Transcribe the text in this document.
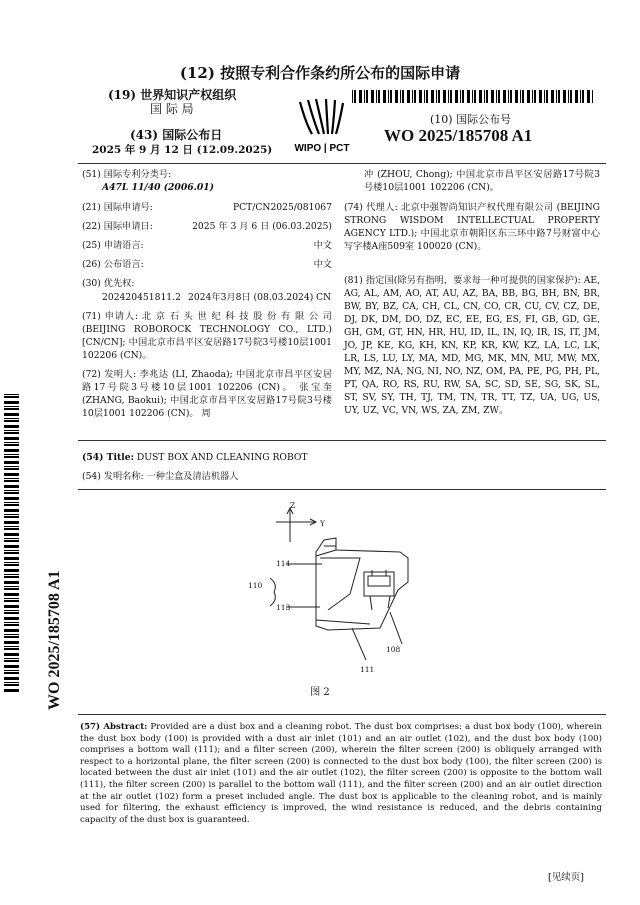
(12) 按照专利合作条约所公布的国际申请
(19) 世界知识产权组织
国 际 局
(43) 国际公布日
2025 年 9 月 12 日 (12.09.2025)
(10) 国际公布号
WO 2025/185708 A1
WIPO | PCT
(51) 国际专利分类号:
A47L 11/40 (2006.01)
(21) 国际申请号:	PCT/CN2025/081067
(22) 国际申请日:	2025 年 3 月 6 日 (06.03.2025)
(25) 申请语言:	中文
(26) 公布语言:	中文
(30) 优先权:
202420451811.2 2024年3月8日 (08.03.2024) CN
(71) 申请人: 北 京 石 头 世 纪 科 技 股 份 有 限 公 司 (BEIJING ROBOROCK TECHNOLOGY CO., LTD.) [CN/CN]; 中国北京市昌平区安居路17号院3号楼10层1001 102206 (CN)。
(72) 发明人: 李兆达 (LI, Zhaoda); 中国北京市昌平区安居路17号院3号楼10层1001 102206 (CN)。 张宝奎 (ZHANG, Baokui); 中国北京市昌平区安居路17号院3号楼10层1001 102206 (CN)。 周
冲 (ZHOU, Chong); 中国北京市昌平区安居路17号院3号楼10层1001 102206 (CN)。
(74) 代理人: 北京中强智尚知识产权代理有限公司 (BEIJING STRONG WISDOM INTELLECTUAL PROPERTY AGENCY LTD.); 中国北京市朝阳区东三环中路7号财富中心写字楼A座509室 100020 (CN)。
(81) 指定国(除另有指明，要求每一种可提供的国家保护): AE, AG, AL, AM, AO, AT, AU, AZ, BA, BB, BG, BH, BN, BR, BW, BY, BZ, CA, CH, CL, CN, CO, CR, CU, CV, CZ, DE, DJ, DK, DM, DO, DZ, EC, EE, EG, ES, FI, GB, GD, GE, GH, GM, GT, HN, HR, HU, ID, IL, IN, IQ, IR, IS, IT, JM, JO, JP, KE, KG, KH, KN, KP, KR, KW, KZ, LA, LC, LK, LR, LS, LU, LY, MA, MD, MG, MK, MN, MU, MW, MX, MY, MZ, NA, NG, NI, NO, NZ, OM, PA, PE, PG, PH, PL, PT, QA, RO, RS, RU, RW, SA, SC, SD, SE, SG, SK, SL, ST, SV, SY, TH, TJ, TM, TN, TR, TT, TZ, UA, UG, US, UY, UZ, VC, VN, WS, ZA, ZM, ZW。
(54) Title: DUST BOX AND CLEANING ROBOT
(54) 发明名称: 一种尘盒及清洁机器人
Z
Y
110
114
113
108
111
图 2
(57) Abstract: Provided are a dust box and a cleaning robot. The dust box comprises: a dust box body (100), wherein the dust box body (100) is provided with a dust air inlet (101) and an air outlet (102), and the dust box body (100) comprises a bottom wall (111); and a filter screen (200), wherein the filter screen (200) is obliquely arranged with respect to a horizontal plane, the filter screen (200) is connected to the dust box body (100), the filter screen (200) is located between the dust air inlet (101) and the air outlet (102), the filter screen (200) is opposite to the bottom wall (111), the filter screen (200) is parallel to the bottom wall (111), and the filter screen (200) and an air outlet direction at the air outlet (102) form a preset included angle. The dust box is applicable to the cleaning robot, and is mainly used for filtering, the exhaust efficiency is improved, the wind resistance is reduced, and the debris containing capacity of the dust box is guaranteed.
WO 2025/185708 A1
[见续页]
